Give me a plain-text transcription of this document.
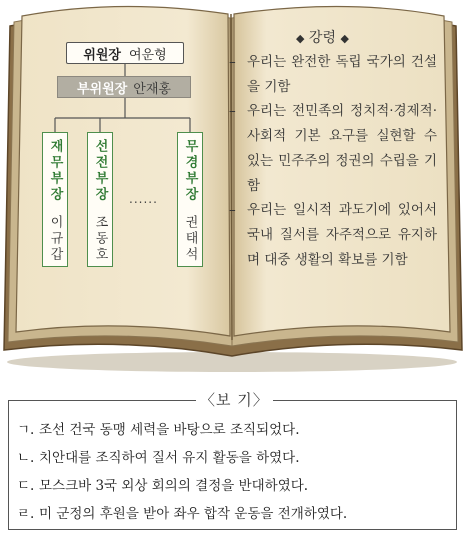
위원장 여운형
부위원장 안재홍
재무부장
이규갑
선전부장
조동호
...... 무경부장
권태석
◆ 강령 ◆
– 우리는 완전한 독립 국가의 건설을 기함
– 우리는 전민족의 정치적·경제적·사회적 기본 요구를 실현할 수 있는 민주주의 정권의 수립을 기함
– 우리는 일시적 과도기에 있어서 국내 질서를 자주적으로 유지하며 대중 생활의 확보를 기함
〈보 기〉
ㄱ. 조선 건국 동맹 세력을 바탕으로 조직되었다.
ㄴ. 치안대를 조직하여 질서 유지 활동을 하였다.
ㄷ. 모스크바 3국 외상 회의의 결정을 반대하였다.
ㄹ. 미 군정의 후원을 받아 좌우 합작 운동을 전개하였다.
